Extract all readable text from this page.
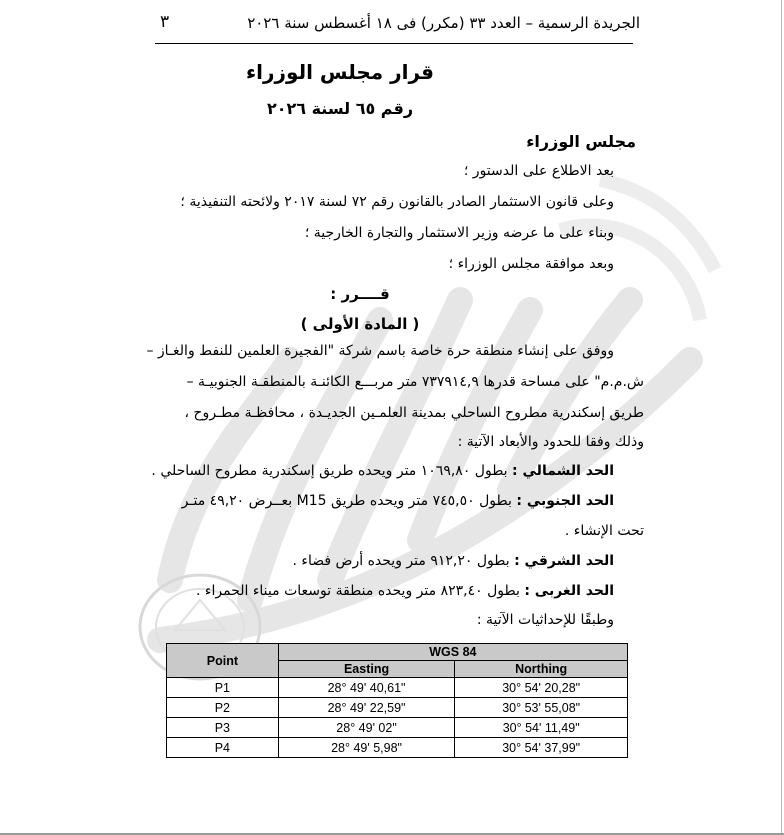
الجريدة الرسمية – العدد ٣٣ (مكرر) فى ١٨ أغسطس سنة ٢٠٢٦
٣
قرار مجلس الوزراء
رقم ٦٥ لسنة ٢٠٢٦
مجلس الوزراء
بعد الاطلاع على الدستور ؛
وعلى قانون الاستثمار الصادر بالقانون رقم ٧٢ لسنة ٢٠١٧ ولائحته التنفيذية ؛
وبناء على ما عرضه وزير الاستثمار والتجارة الخارجية ؛
وبعد موافقة مجلس الوزراء ؛
قــــرر :
( المادة الأولى )
ووفق على إنشاء منطقة حرة خاصة باسم شركة "الفجيرة العلمين للنفط والغـاز –
ش.م.م" على مساحة قدرها ٧٣٧٩١٤,٩ متر مربـــع الكائنـة بالمنطقـة الجنوبيـة –
طريق إسكندرية مطروح الساحلي بمدينة العلمـين الجديـدة ، محافظـة مطـروح ،
وذلك وفقا للحدود والأبعاد الآتية :
الحد الشمالي : بطول ١٠٦٩,٨٠ متر ويحده طريق إسكندرية مطروح الساحلي .
الحد الجنوبي : بطول ٧٤٥,٥٠ متر ويحده طريق M15 بعــرض ٤٩,٢٠ متـر
تحت الإنشاء .
الحد الشرقي : بطول ٩١٢,٢٠ متر ويحده أرض فضاء .
الحد الغربى : بطول ٨٢٣,٤٠ متر ويحده منطقة توسعات ميناء الحمراء .
وطبقًا للإحداثيات الآتية :
Point	WGS 84	
	Easting	Northing
P1	28° 49' 40,61"	30° 54' 20,28"
P2	28° 49' 22,59"	30° 53' 55,08"
P3	28° 49' 02"	30° 54' 11,49"
P4	28° 49' 5,98"	30° 54' 37,99"
